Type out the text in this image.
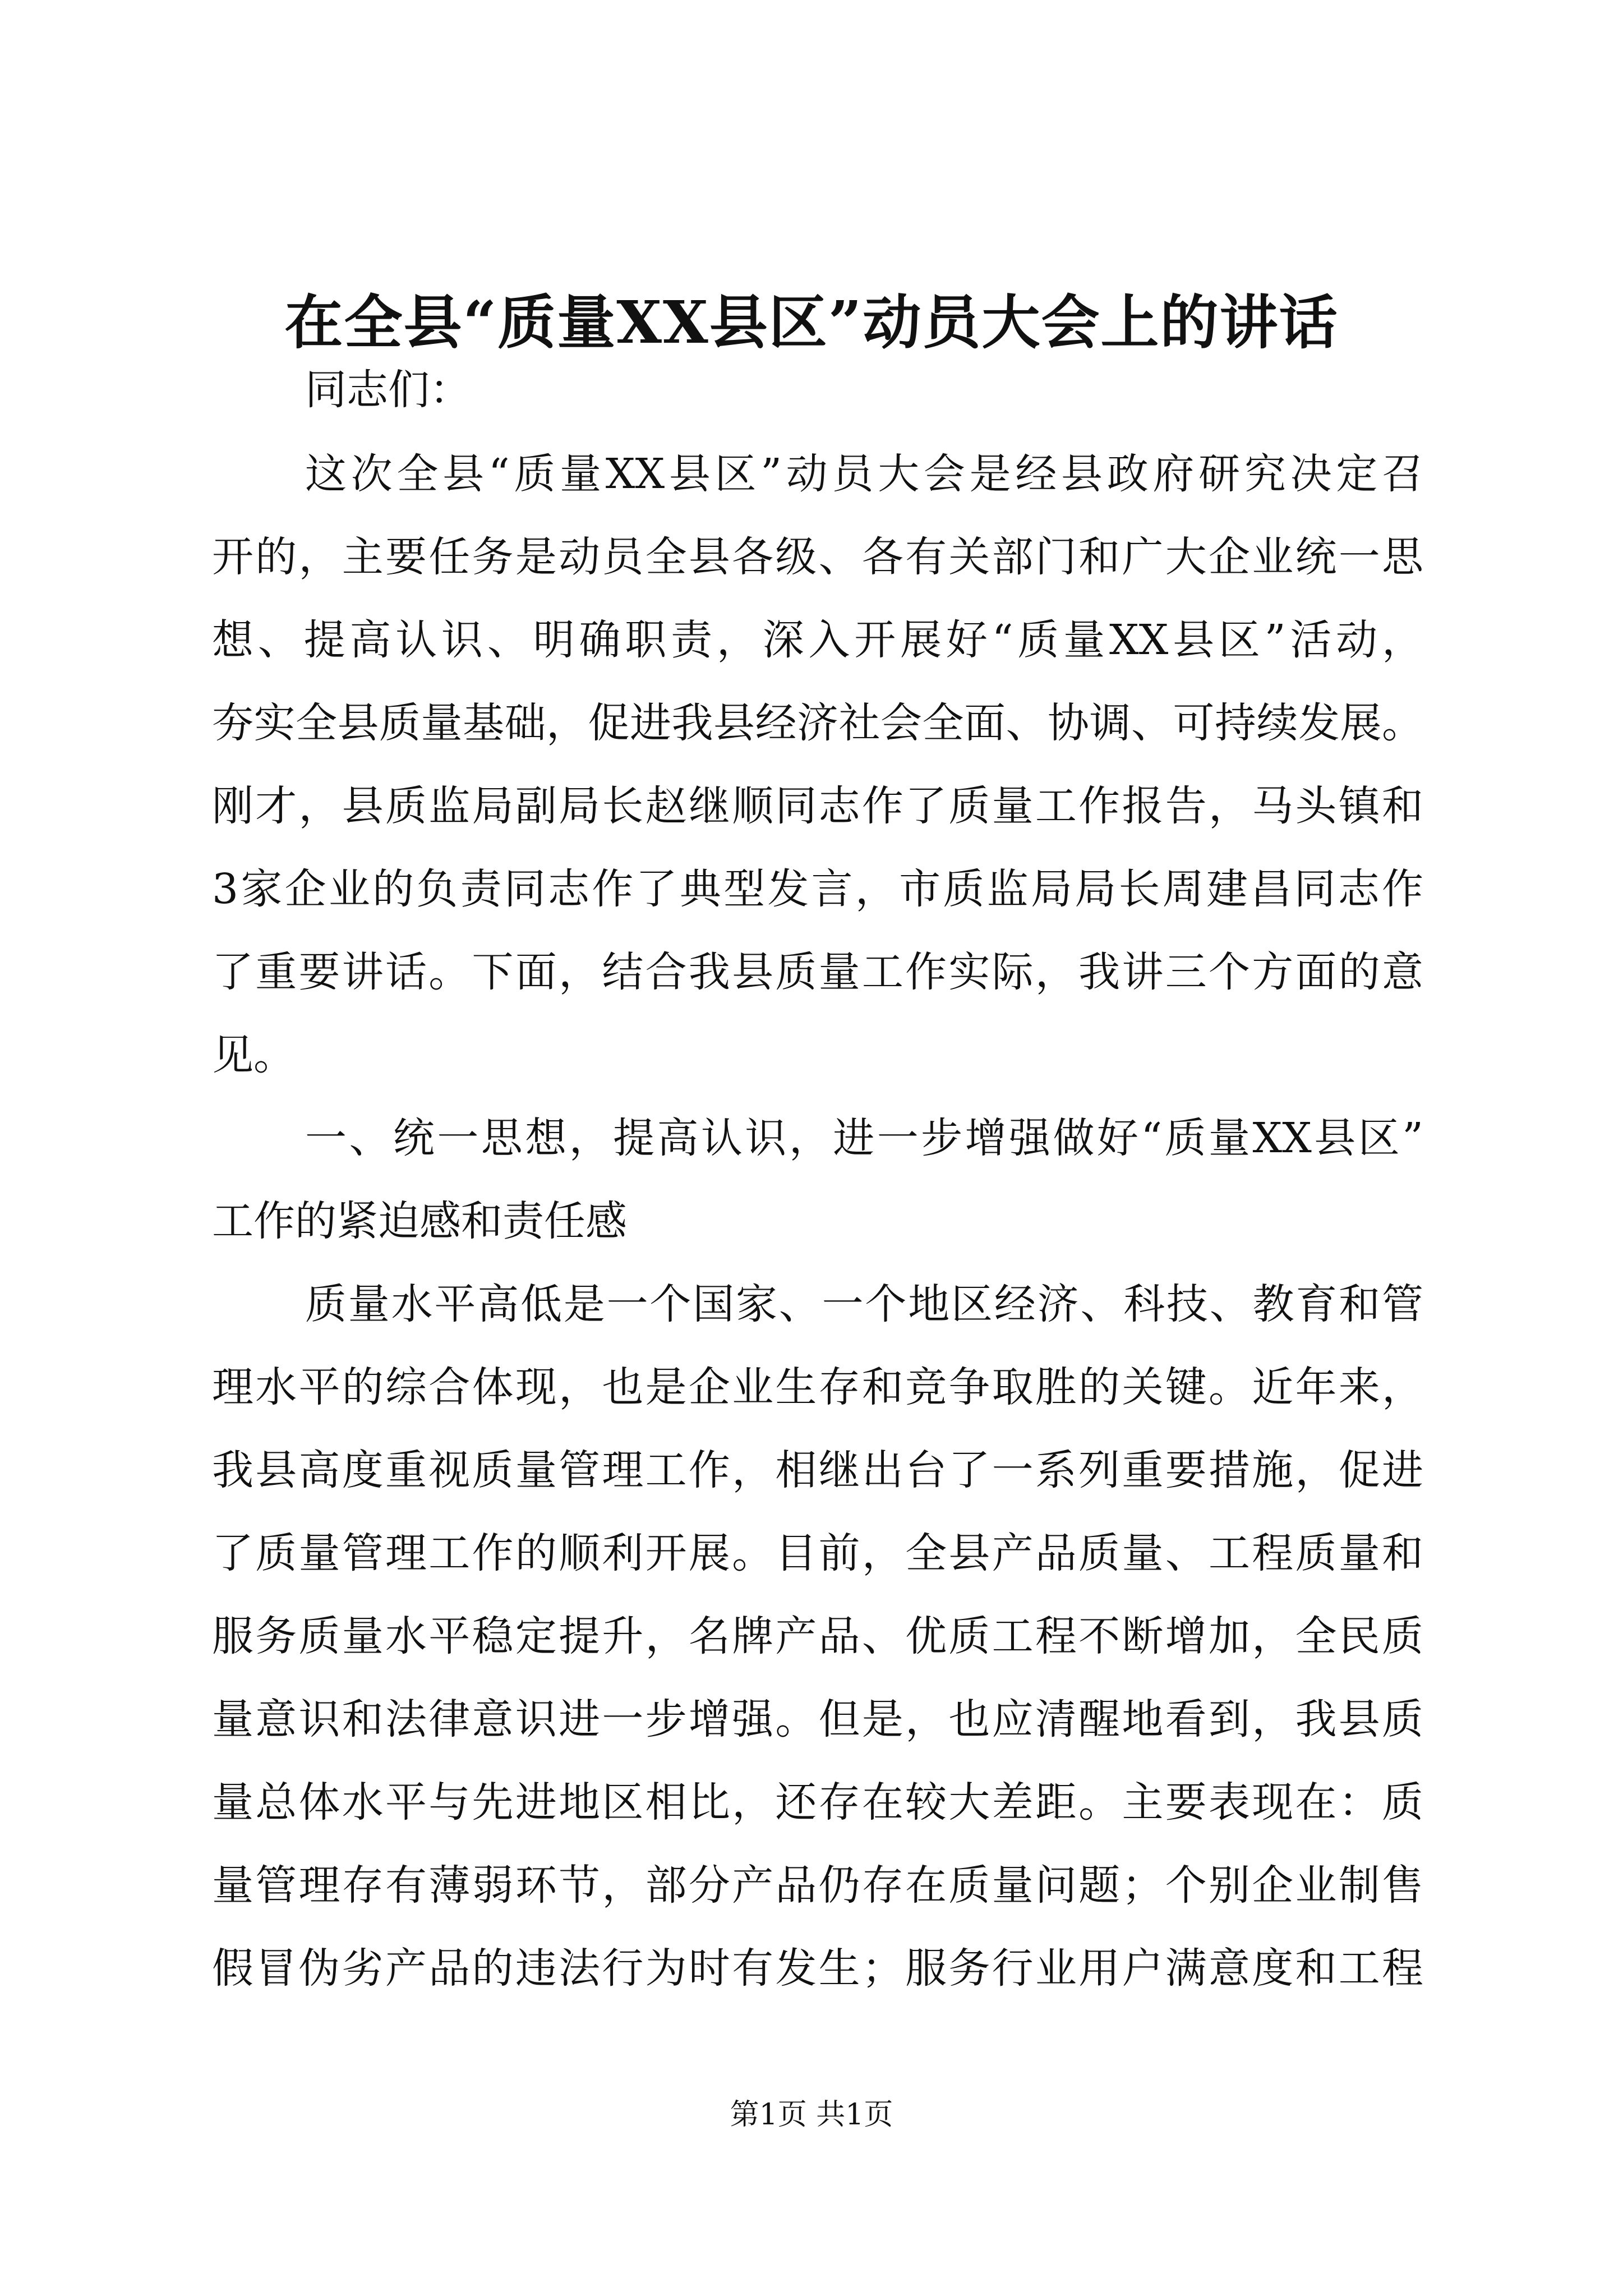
在全县“质量XX县区”动员大会上的讲话

同志们：

这次全县“质量XX县区”动员大会是经县政府研究决定召

开的，主要任务是动员全县各级、各有关部门和广大企业统一思

想、提高认识、明确职责，深入开展好“质量XX县区”活动，

夯实全县质量基础，促进我县经济社会全面、协调、可持续发展。

刚才，县质监局副局长赵继顺同志作了质量工作报告，马头镇和

3家企业的负责同志作了典型发言，市质监局局长周建昌同志作

了重要讲话。下面，结合我县质量工作实际，我讲三个方面的意

见。

一、统一思想，提高认识，进一步增强做好“质量XX县区”

工作的紧迫感和责任感

质量水平高低是一个国家、一个地区经济、科技、教育和管

理水平的综合体现，也是企业生存和竞争取胜的关键。近年来，

我县高度重视质量管理工作，相继出台了一系列重要措施，促进

了质量管理工作的顺利开展。目前，全县产品质量、工程质量和

服务质量水平稳定提升，名牌产品、优质工程不断增加，全民质

量意识和法律意识进一步增强。但是，也应清醒地看到，我县质

量总体水平与先进地区相比，还存在较大差距。主要表现在：质

量管理存有薄弱环节，部分产品仍存在质量问题；个别企业制售

假冒伪劣产品的违法行为时有发生；服务行业用户满意度和工程

第1页 共1页
